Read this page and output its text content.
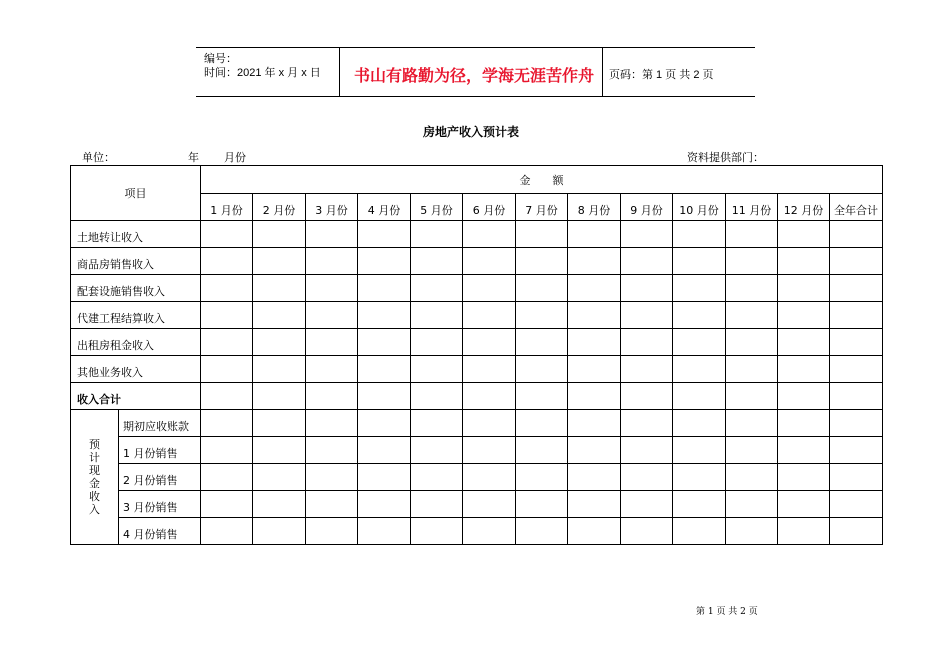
编号：
时间：2021 年 x 月 x 日 书山有路勤为径，学海无涯苦作舟 页码：第 1 页 共 2 页
房地产收入预计表
单位：	年 月份	资料提供部门：
项目		金　　额												
		1 月份	2 月份	3 月份	4 月份	5 月份	6 月份	7 月份	8 月份	9 月份	10 月份	11 月份	12 月份	全年合计
土地转让收入														
商品房销售收入														
配套设施销售收入														
代建工程结算收入														
出租房租金收入														
其他业务收入														
收入合计														
预计现金收入	期初应收账款													
	1 月份销售													
	2 月份销售													
	3 月份销售													
	4 月份销售													
第 1 页 共 2 页
